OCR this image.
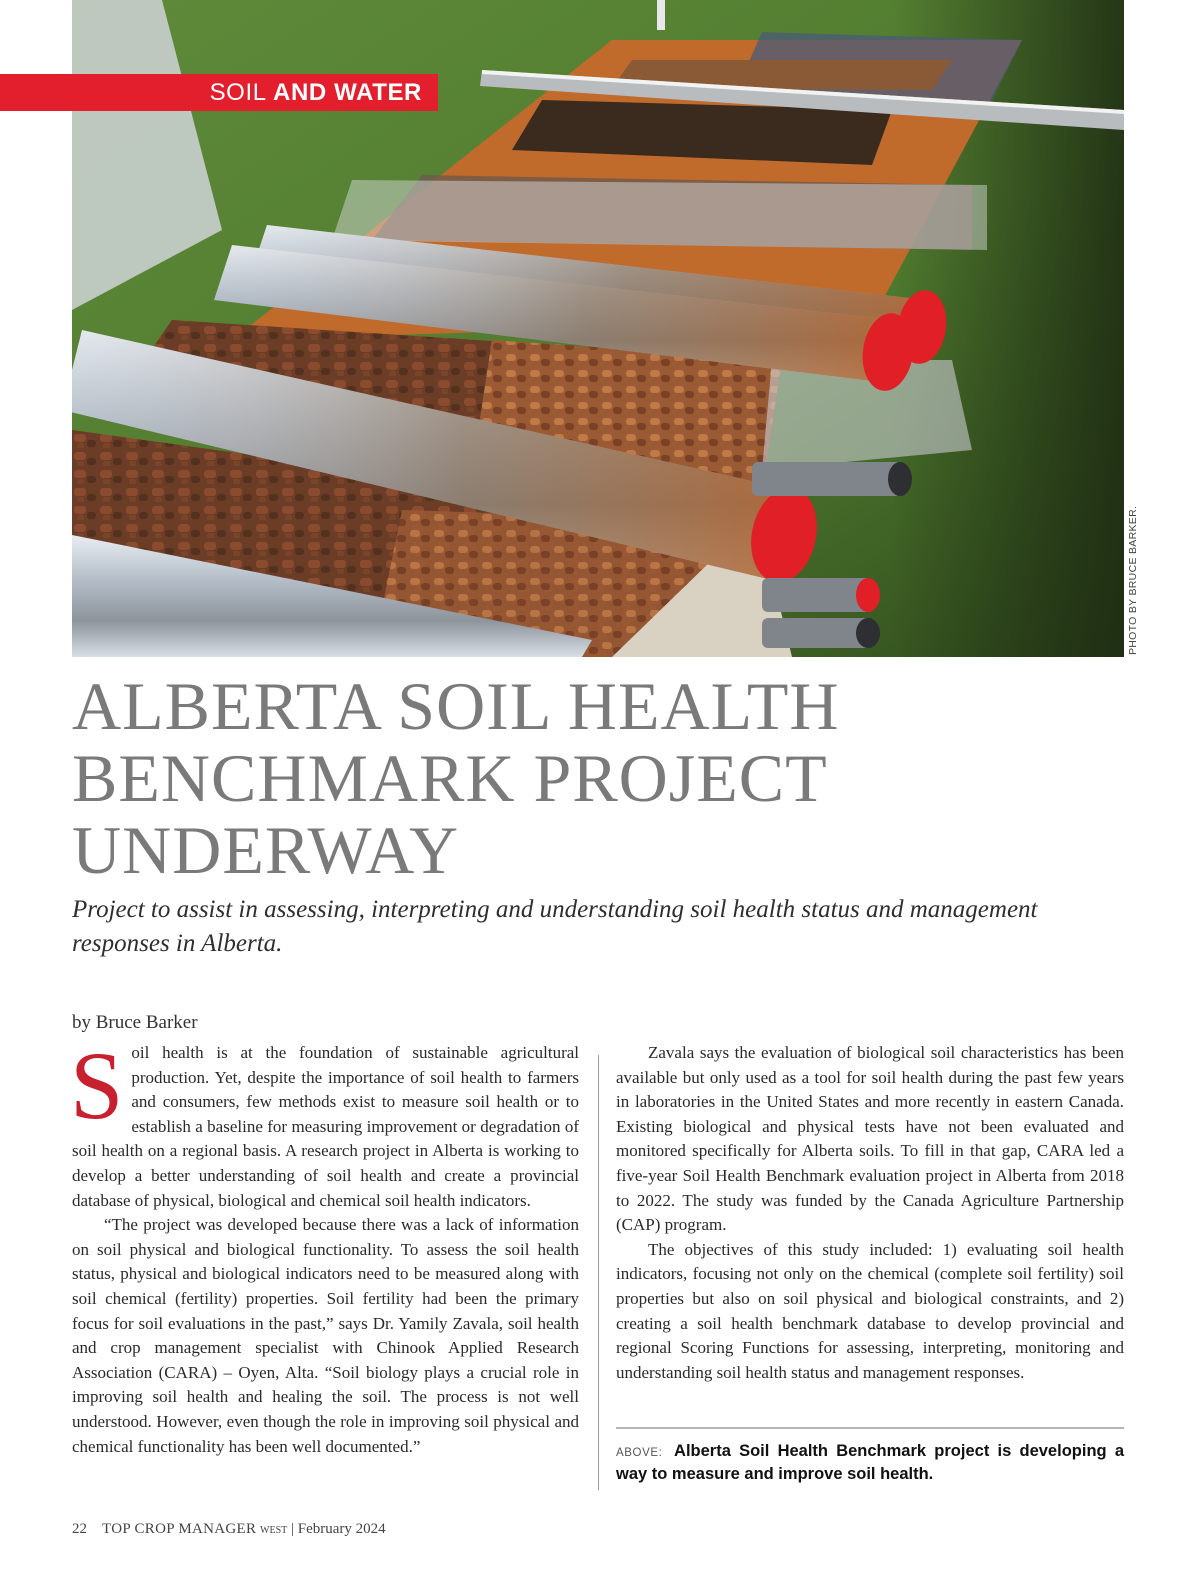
PHOTO BY BRUCE BARKER.
SOIL AND WATER
ALBERTA SOIL HEALTH
BENCHMARK PROJECT
UNDERWAY

Project to assist in assessing, interpreting and understanding soil health status and management responses in Alberta.

by Bruce Barker

Soil health is at the foundation of sustainable agricultural production. Yet, despite the importance of soil health to farmers and consumers, few methods exist to measure soil health or to establish a baseline for measuring improvement or degradation of soil health on a regional basis. A research project in Alberta is working to develop a better understanding of soil health and create a provincial database of physical, biological and chemical soil health indicators.

“The project was developed because there was a lack of information on soil physical and biological functionality. To assess the soil health status, physical and biological indicators need to be measured along with soil chemical (fertility) properties. Soil fertility had been the primary focus for soil evaluations in the past,” says Dr. Yamily Zavala, soil health and crop management specialist with Chinook Applied Research Association (CARA) – Oyen, Alta. “Soil biology plays a crucial role in improving soil health and healing the soil. The process is not well understood. However, even though the role in improving soil physical and chemical functionality has been well documented.”

Zavala says the evaluation of biological soil characteristics has been available but only used as a tool for soil health during the past few years in laboratories in the United States and more recently in eastern Canada. Existing biological and physical tests have not been evaluated and monitored specifically for Alberta soils. To fill in that gap, CARA led a five-year Soil Health Benchmark evaluation project in Alberta from 2018 to 2022. The study was funded by the Canada Agriculture Partnership (CAP) program.

The objectives of this study included: 1) evaluating soil health indicators, focusing not only on the chemical (complete soil fertility) soil properties but also on soil physical and biological constraints, and 2) creating a soil health benchmark database to develop provincial and regional Scoring Functions for assessing, interpreting, monitoring and understanding soil health status and management responses.

ABOVE: Alberta Soil Health Benchmark project is developing a way to measure and improve soil health.
22 TOP CROP MANAGER west | February 2024
